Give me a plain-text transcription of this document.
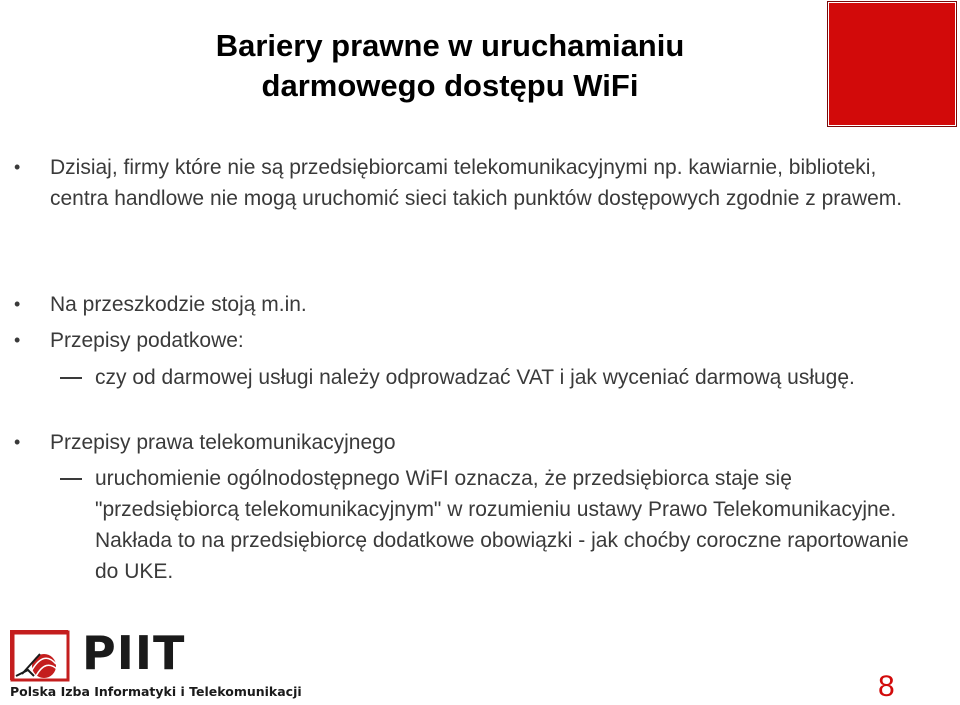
Bariery prawne w uruchamianiu
darmowego dostępu WiFi
• Dzisiaj, firmy które nie są przedsiębiorcami telekomunikacyjnymi np. kawiarnie, biblioteki, centra handlowe nie mogą uruchomić sieci takich punktów dostępowych zgodnie z prawem.
• Na przeszkodzie stoją m.in.
• Przepisy podatkowe:
czy od darmowej usługi należy odprowadzać VAT i jak wyceniać darmową usługę.
• Przepisy prawa telekomunikacyjnego
uruchomienie ogólnodostępnego WiFI oznacza, że przedsiębiorca staje się "przedsiębiorcą telekomunikacyjnym" w rozumieniu ustawy Prawo Telekomunikacyjne. Nakłada to na przedsiębiorcę dodatkowe obowiązki - jak choćby coroczne raportowanie do UKE.
PIIT
Polska Izba Informatyki i Telekomunikacji	8
